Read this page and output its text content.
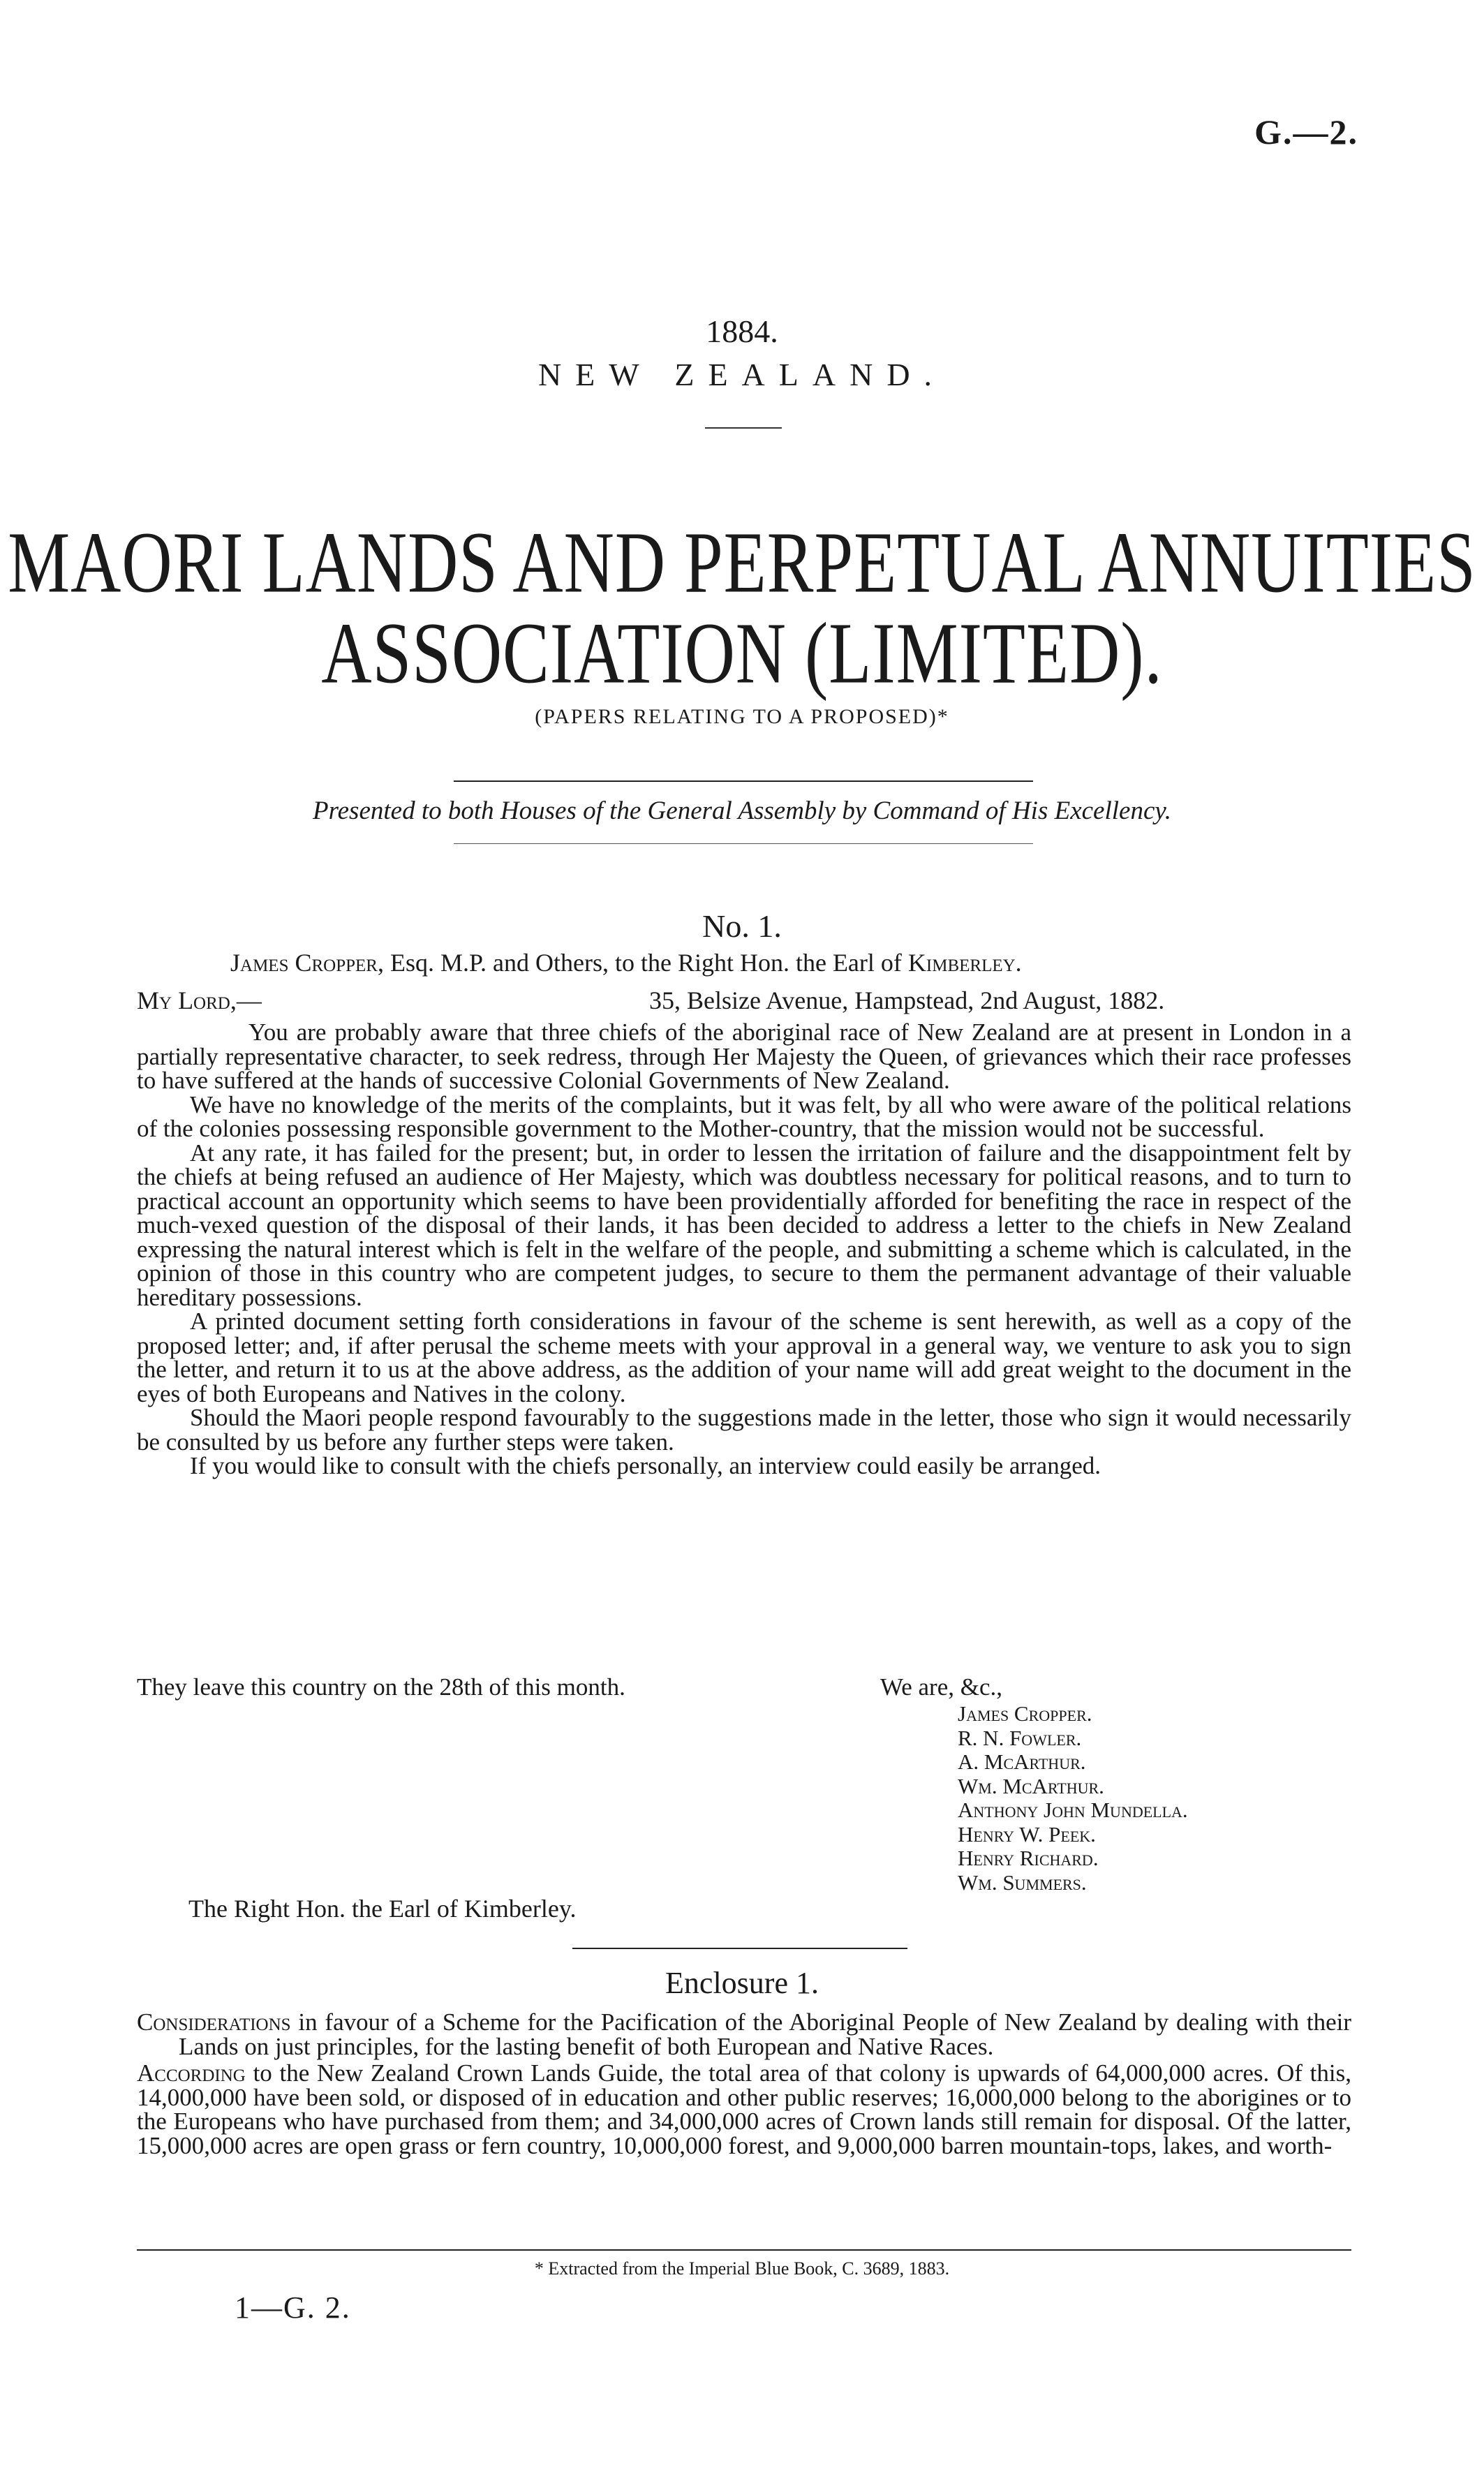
G.—2.
1884.
NEW ZEALAND.
MAORI LANDS AND PERPETUAL ANNUITIES
ASSOCIATION (LIMITED).
(PAPERS RELATING TO A PROPOSED)*
Presented to both Houses of the General Assembly by Command of His Excellency.
No. 1.
James Cropper, Esq. M.P. and Others, to the Right Hon. the Earl of Kimberley.
My Lord,—	35, Belsize Avenue, Hampstead, 2nd August, 1882.

You are probably aware that three chiefs of the aboriginal race of New Zealand are at present in London in a partially representative character, to seek redress, through Her Majesty the Queen, of grievances which their race professes to have suffered at the hands of successive Colonial Governments of New Zealand.

We have no knowledge of the merits of the complaints, but it was felt, by all who were aware of the political relations of the colonies possessing responsible government to the Mother-country, that the mission would not be successful.

At any rate, it has failed for the present; but, in order to lessen the irritation of failure and the disappointment felt by the chiefs at being refused an audience of Her Majesty, which was doubtless necessary for political reasons, and to turn to practical account an opportunity which seems to have been providentially afforded for benefiting the race in respect of the much-vexed question of the disposal of their lands, it has been decided to address a letter to the chiefs in New Zealand expressing the natural interest which is felt in the welfare of the people, and submitting a scheme which is calculated, in the opinion of those in this country who are competent judges, to secure to them the permanent advantage of their valuable hereditary possessions.

A printed document setting forth considerations in favour of the scheme is sent herewith, as well as a copy of the proposed letter; and, if after perusal the scheme meets with your approval in a general way, we venture to ask you to sign the letter, and return it to us at the above address, as the addition of your name will add great weight to the document in the eyes of both Europeans and Natives in the colony.

Should the Maori people respond favourably to the suggestions made in the letter, those who sign it would necessarily be consulted by us before any further steps were taken.

If you would like to consult with the chiefs personally, an interview could easily be arranged.

They leave this country on the 28th of this month.	We are, &c.,
James Cropper.
R. N. Fowler.
A. McArthur.
Wm. McArthur.
Anthony John Mundella.
Henry W. Peek.
Henry Richard.
Wm. Summers.
The Right Hon. the Earl of Kimberley.
Enclosure 1.

Considerations in favour of a Scheme for the Pacification of the Aboriginal People of New Zealand by dealing with their Lands on just principles, for the lasting benefit of both European and Native Races.

According to the New Zealand Crown Lands Guide, the total area of that colony is upwards of 64,000,000 acres. Of this, 14,000,000 have been sold, or disposed of in education and other public reserves; 16,000,000 belong to the aborigines or to the Europeans who have purchased from them; and 34,000,000 acres of Crown lands still remain for disposal. Of the latter, 15,000,000 acres are open grass or fern country, 10,000,000 forest, and 9,000,000 barren mountain-tops, lakes, and worth-

* Extracted from the Imperial Blue Book, C. 3689, 1883.
1—G. 2.
